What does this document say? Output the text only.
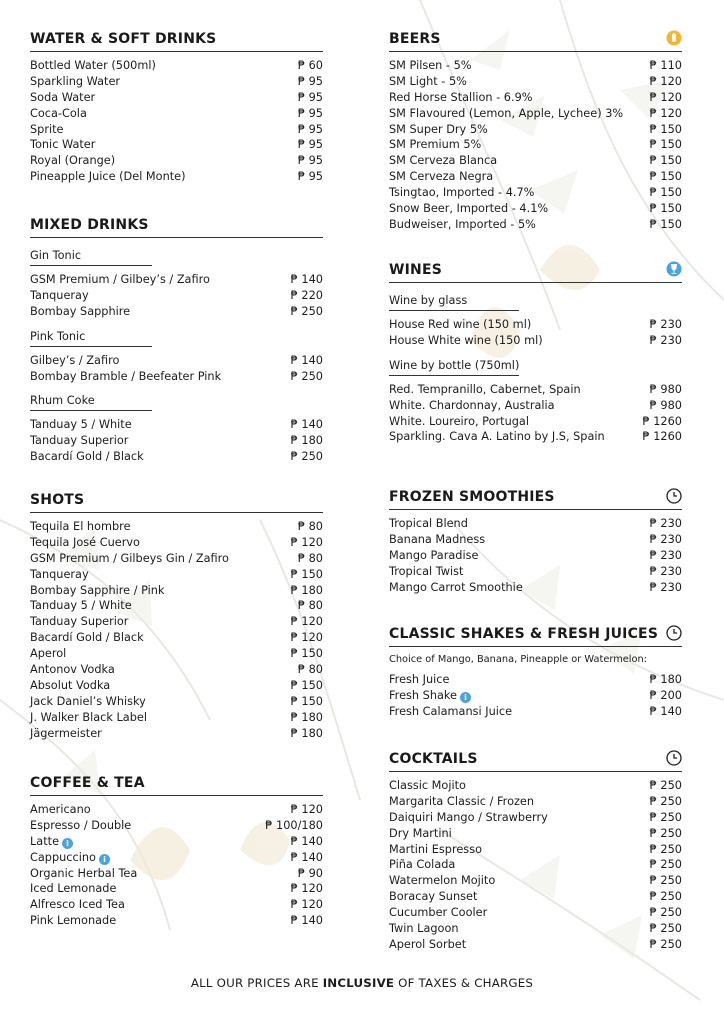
WATER & SOFT DRINKS
Bottled Water (500ml)	₱ 60
Sparkling Water	₱ 95
Soda Water	₱ 95
Coca-Cola	₱ 95
Sprite	₱ 95
Tonic Water	₱ 95
Royal (Orange)	₱ 95
Pineapple Juice (Del Monte)	₱ 95
MIXED DRINKS
Gin Tonic
GSM Premium / Gilbey’s / Zafiro	₱ 140
Tanqueray	₱ 220
Bombay Sapphire	₱ 250
Pink Tonic
Gilbey’s / Zafiro	₱ 140
Bombay Bramble / Beefeater Pink	₱ 250
Rhum Coke
Tanduay 5 / White	₱ 140
Tanduay Superior	₱ 180
Bacardí Gold / Black	₱ 250
SHOTS
Tequila El hombre	₱ 80
Tequila José Cuervo	₱ 120
GSM Premium / Gilbeys Gin / Zafiro	₱ 80
Tanqueray	₱ 150
Bombay Sapphire / Pink	₱ 180
Tanduay 5 / White	₱ 80
Tanduay Superior	₱ 120
Bacardí Gold / Black	₱ 120
Aperol	₱ 150
Antonov Vodka	₱ 80
Absolut Vodka	₱ 150
Jack Daniel’s Whisky	₱ 150
J. Walker Black Label	₱ 180
Jägermeister	₱ 180
COFFEE & TEA
Americano	₱ 120
Espresso / Double	₱ 100/180
Latte i	₱ 140
Cappuccino i	₱ 140
Organic Herbal Tea	₱ 90
Iced Lemonade	₱ 120
Alfresco Iced Tea	₱ 120
Pink Lemonade	₱ 140
BEERS
SM Pilsen - 5%	₱ 110
SM Light - 5%	₱ 120
Red Horse Stallion - 6.9%	₱ 120
SM Flavoured (Lemon, Apple, Lychee) 3% ₱ 120
SM Super Dry 5%	₱ 150
SM Premium 5%	₱ 150
SM Cerveza Blanca	₱ 150
SM Cerveza Negra	₱ 150
Tsingtao, Imported - 4.7%	₱ 150
Snow Beer, Imported - 4.1%	₱ 150
Budweiser, Imported - 5%	₱ 150
WINES
Wine by glass
House Red wine (150 ml)	₱ 230
House White wine (150 ml)	₱ 230
Wine by bottle (750ml)
Red. Tempranillo, Cabernet, Spain	₱ 980
White. Chardonnay, Australia	₱ 980
White. Loureiro, Portugal	₱ 1260
Sparkling. Cava A. Latino by J.S, Spain	₱ 1260
FROZEN SMOOTHIES
Tropical Blend	₱ 230
Banana Madness	₱ 230
Mango Paradise	₱ 230
Tropical Twist	₱ 230
Mango Carrot Smoothie	₱ 230
CLASSIC SHAKES & FRESH JUICES
Choice of Mango, Banana, Pineapple or Watermelon:
Fresh Juice	₱ 180
Fresh Shake i	₱ 200
Fresh Calamansi Juice	₱ 140
COCKTAILS
Classic Mojito	₱ 250
Margarita Classic / Frozen	₱ 250
Daiquiri Mango / Strawberry	₱ 250
Dry Martini	₱ 250
Martini Espresso	₱ 250
Piña Colada	₱ 250
Watermelon Mojito	₱ 250
Boracay Sunset	₱ 250
Cucumber Cooler	₱ 250
Twin Lagoon	₱ 250
Aperol Sorbet	₱ 250
ALL OUR PRICES ARE INCLUSIVE OF TAXES & CHARGES
